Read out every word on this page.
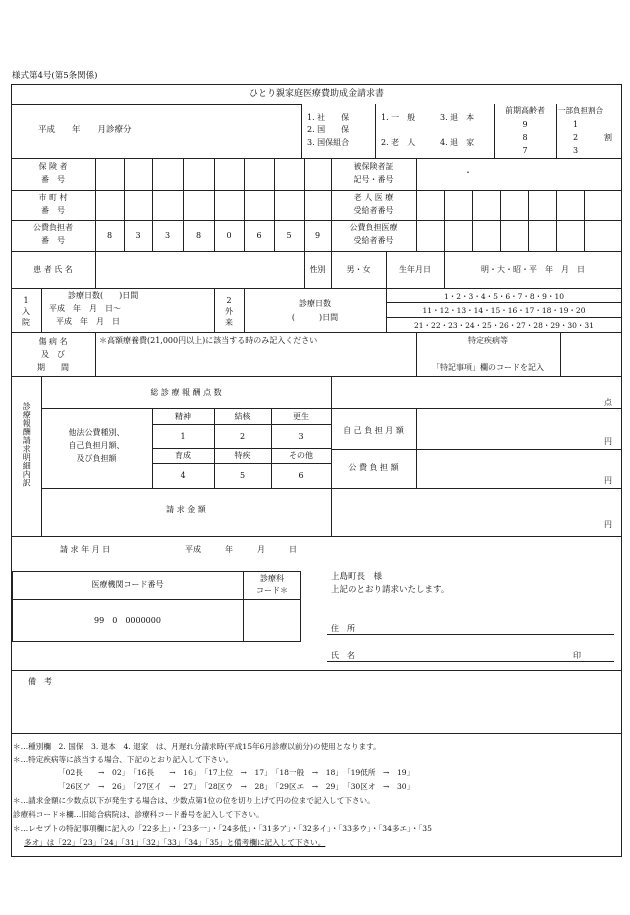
様式第4号(第5条関係)
ひとり親家庭医療費助成金請求書
平成　　年　　月診療分
1. 社　　保
2. 国　　保
3. 国保組合
1. 一　般	3. 退　本
2. 老　人	4. 退　家
前期高齢者
9
8
7
一部負担割合
1
2
3
割
保 険 者
番　号
被保険者証
記号・番号
・
市 町 村
番　号
老 人 医 療
受給者番号
公費負担者
番　号
8	3	3	8	0	6	5	9
公費負担医療
受給者番号
患 者 氏 名	性別	男・女	生年月日	明・大・昭・平　年　月　日
1
入
院
診療日数(　　)日間
平成　年　月　日〜
平成　年　月　日
2
外
来
診療日数
(　　　)日間
1・2・3・4・5・6・7・8・9・10
11・12・13・14・15・16・17・18・19・20
21・22・23・24・25・26・27・28・29・30・31
傷 病 名
及　び
期　　間
＊高額療養費(21,000円以上)に該当する時のみ記入ください	特定疾病等
「特記事項」欄のコードを記入
診療報酬請求明細内訳
総 診 療 報 酬 点 数
点
他法公費種別、
自己負担月額、
及び負担額
精神	結核	更生
1	2	3
育成	特疾	その他
4	5	6
自 己 負 担 月 額
円
公 費 負 担 額
円
請 求 金 額
円
請 求 年 月 日	平成　　　年　　　月　　　日
医療機関コード番号
診療科
コード＊
99　0　0000000
上島町長　様
上記のとおり請求いたします。
住　所
氏　名	印
備　考
＊…種別欄　2. 国保　3. 退本　4. 退家　は、月遅れ分請求時(平成15年6月診療以前分)の使用となります。
＊…特定疾病等に該当する場合、下記のとおり記入して下さい。
「02長　　→　02」　「16長　　→　16」　「17上位　→　17」　「18一般　→　18」　「19低所　→　19」
「26区ア　→　26」　「27区イ　→　27」　「28区ウ　→　28」　「29区エ　→　29」　「30区オ　→　30」
＊…請求金額に少数点以下が発生する場合は、少数点第1位の位を切り上げて円の位まで記入して下さい。
診療科コード＊欄…旧総合病院は、診療科コード番号を記入して下さい。
＊…レセプトの特記事項欄に記入の「22多上」・「23多一」・「24多低」・「31多ア」・「32多イ」・「33多ウ」・「34多エ」・「35
多オ」は「22」「23」「24」「31」「32」「33」「34」「35」と備考欄に記入して下さい。
